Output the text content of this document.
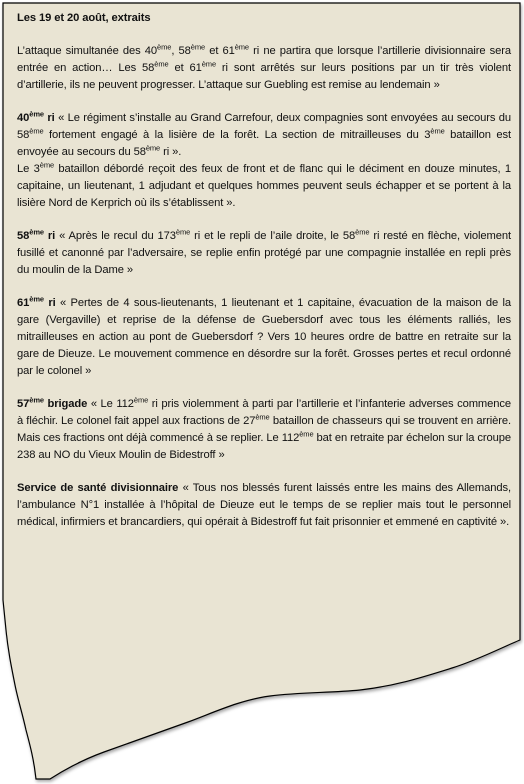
Les 19 et 20 août, extraits

L’attaque simultanée des 40ème, 58ème et 61ème ri ne partira que lorsque l’artillerie divisionnaire sera entrée en action… Les 58ème et 61ème ri sont arrêtés sur leurs positions par un tir très violent d’artillerie, ils ne peuvent progresser. L’attaque sur Guebling est remise au lendemain »

40ème ri « Le régiment s’installe au Grand Carrefour, deux compagnies sont envoyées au secours du 58ème fortement engagé à la lisière de la forêt. La section de mitrailleuses du 3ème bataillon est envoyée au secours du 58ème ri ».

Le 3ème bataillon débordé reçoit des feux de front et de flanc qui le déciment en douze minutes, 1 capitaine, un lieutenant, 1 adjudant et quelques hommes peuvent seuls échapper et se portent à la lisière Nord de Kerprich où ils s’établissent ».

58ème ri « Après le recul du 173ème ri et le repli de l’aile droite, le 58ème ri resté en flèche, violement fusillé et canonné par l’adversaire, se replie enfin protégé par une compagnie installée en repli près du moulin de la Dame »

61ème ri « Pertes de 4 sous-lieutenants, 1 lieutenant et 1 capitaine, évacuation de la maison de la gare (Vergaville) et reprise de la défense de Guebersdorf avec tous les éléments ralliés, les mitrailleuses en action au pont de Guebersdorf ? Vers 10 heures ordre de battre en retraite sur la gare de Dieuze. Le mouvement commence en désordre sur la forêt. Grosses pertes et recul ordonné par le colonel »

57ème brigade « Le 112ème ri pris violemment à parti par l’artillerie et l’infanterie adverses commence à fléchir. Le colonel fait appel aux fractions de 27ème bataillon de chasseurs qui se trouvent en arrière. Mais ces fractions ont déjà commencé à se replier. Le 112ème bat en retraite par échelon sur la croupe 238 au NO du Vieux Moulin de Bidestroff »

Service de santé divisionnaire « Tous nos blessés furent laissés entre les mains des Allemands, l’ambulance N°1 installée à l’hôpital de Dieuze eut le temps de se replier mais tout le personnel médical, infirmiers et brancardiers, qui opérait à Bidestroff fut fait prisonnier et emmené en captivité ».
